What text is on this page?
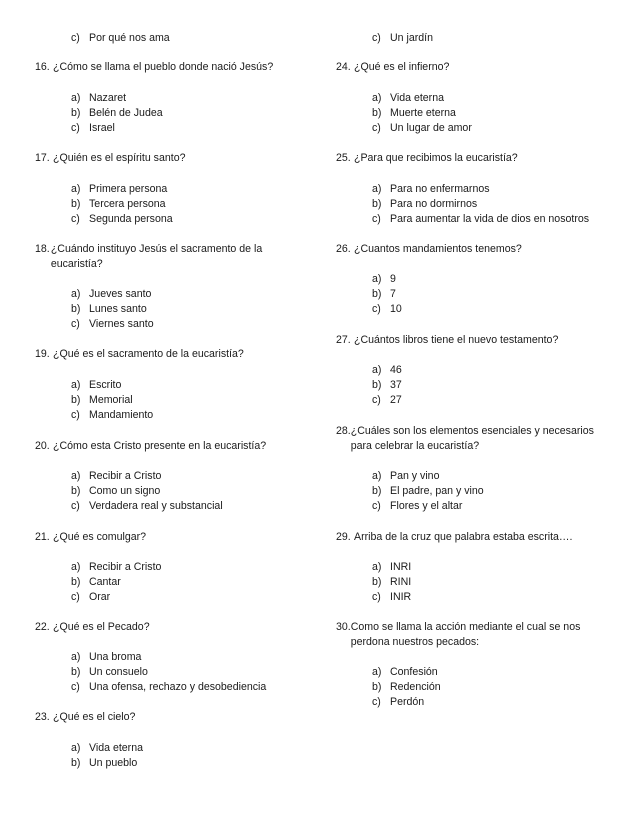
c) Por qué nos ama
16. ¿Cómo se llama el pueblo donde nació Jesús?
a) Nazaret
b) Belén de Judea
c) Israel
17. ¿Quién es el espíritu santo?
a) Primera persona
b) Tercera persona
c) Segunda persona
18. ¿Cuándo instituyo Jesús el sacramento de la eucaristía?
a) Jueves santo
b) Lunes santo
c) Viernes santo
19. ¿Qué es el sacramento de la eucaristía?
a) Escrito
b) Memorial
c) Mandamiento
20. ¿Cómo esta Cristo presente en la eucaristía?
a) Recibir a Cristo
b) Como un signo
c) Verdadera real y substancial
21. ¿Qué es comulgar?
a) Recibir a Cristo
b) Cantar
c) Orar
22. ¿Qué es el Pecado?
a) Una broma
b) Un consuelo
c) Una ofensa, rechazo y desobediencia
23. ¿Qué es el cielo?
a) Vida eterna
b) Un pueblo
c) Un jardín
24. ¿Qué es el infierno?
a) Vida eterna
b) Muerte eterna
c) Un lugar de amor
25. ¿Para que recibimos la eucaristía?
a) Para no enfermarnos
b) Para no dormirnos
c) Para aumentar la vida de dios en nosotros
26. ¿Cuantos mandamientos tenemos?
a) 9
b) 7
c) 10
27. ¿Cuántos libros tiene el nuevo testamento?
a) 46
b) 37
c) 27
28. ¿Cuáles son los elementos esenciales y necesarios para celebrar la eucaristía?
a) Pan y vino
b) El padre, pan y vino
c) Flores y el altar
29. Arriba de la cruz que palabra estaba escrita….
a) INRI
b) RINI
c) INIR
30. Como se llama la acción mediante el cual se nos perdona nuestros pecados:
a) Confesión
b) Redención
c) Perdón
